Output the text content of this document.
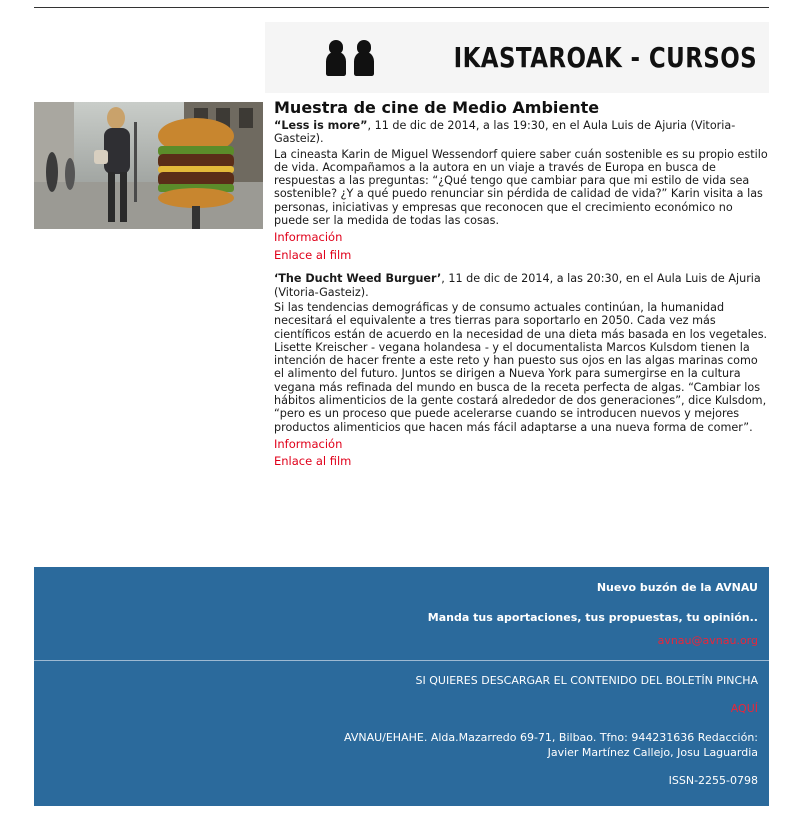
IKASTAROAK - CURSOS
Muestra de cine de Medio Ambiente

“Less is more”, 11 de dic de 2014, a las 19:30, en el Aula Luis de Ajuria (Vitoria-Gasteiz).

La cineasta Karin de Miguel Wessendorf quiere saber cuán sostenible es su propio estilo de vida. Acompañamos a la autora en un viaje a través de Europa en busca de respuestas a las preguntas: “¿Qué tengo que cambiar para que mi estilo de vida sea sostenible? ¿Y a qué puedo renunciar sin pérdida de calidad de vida?” Karin visita a las personas, iniciativas y empresas que reconocen que el crecimiento económico no puede ser la medida de todas las cosas.

Información
Enlace al film

‘The Ducht Weed Burguer’, 11 de dic de 2014, a las 20:30, en el Aula Luis de Ajuria (Vitoria-Gasteiz).

Si las tendencias demográficas y de consumo actuales continúan, la humanidad necesitará el equivalente a tres tierras para soportarlo en 2050. Cada vez más científicos están de acuerdo en la necesidad de una dieta más basada en los vegetales. Lisette Kreischer - vegana holandesa - y el documentalista Marcos Kulsdom tienen la intención de hacer frente a este reto y han puesto sus ojos en las algas marinas como el alimento del futuro. Juntos se dirigen a Nueva York para sumergirse en la cultura vegana más refinada del mundo en busca de la receta perfecta de algas. “Cambiar los hábitos alimenticios de la gente costará alrededor de dos generaciones”, dice Kulsdom, “pero es un proceso que puede acelerarse cuando se introducen nuevos y mejores productos alimenticios que hacen más fácil adaptarse a una nueva forma de comer”.

Información
Enlace al film
Nuevo buzón de la AVNAU
Manda tus aportaciones, tus propuestas, tu opinión..
avnau@avnau.org
SI QUIERES DESCARGAR EL CONTENIDO DEL BOLETÍN PINCHA
AQUÍ
AVNAU/EHAHE. Alda.Mazarredo 69-71, Bilbao. Tfno: 944231636 Redacción:
Javier Martínez Callejo, Josu Laguardia
ISSN-2255-0798
